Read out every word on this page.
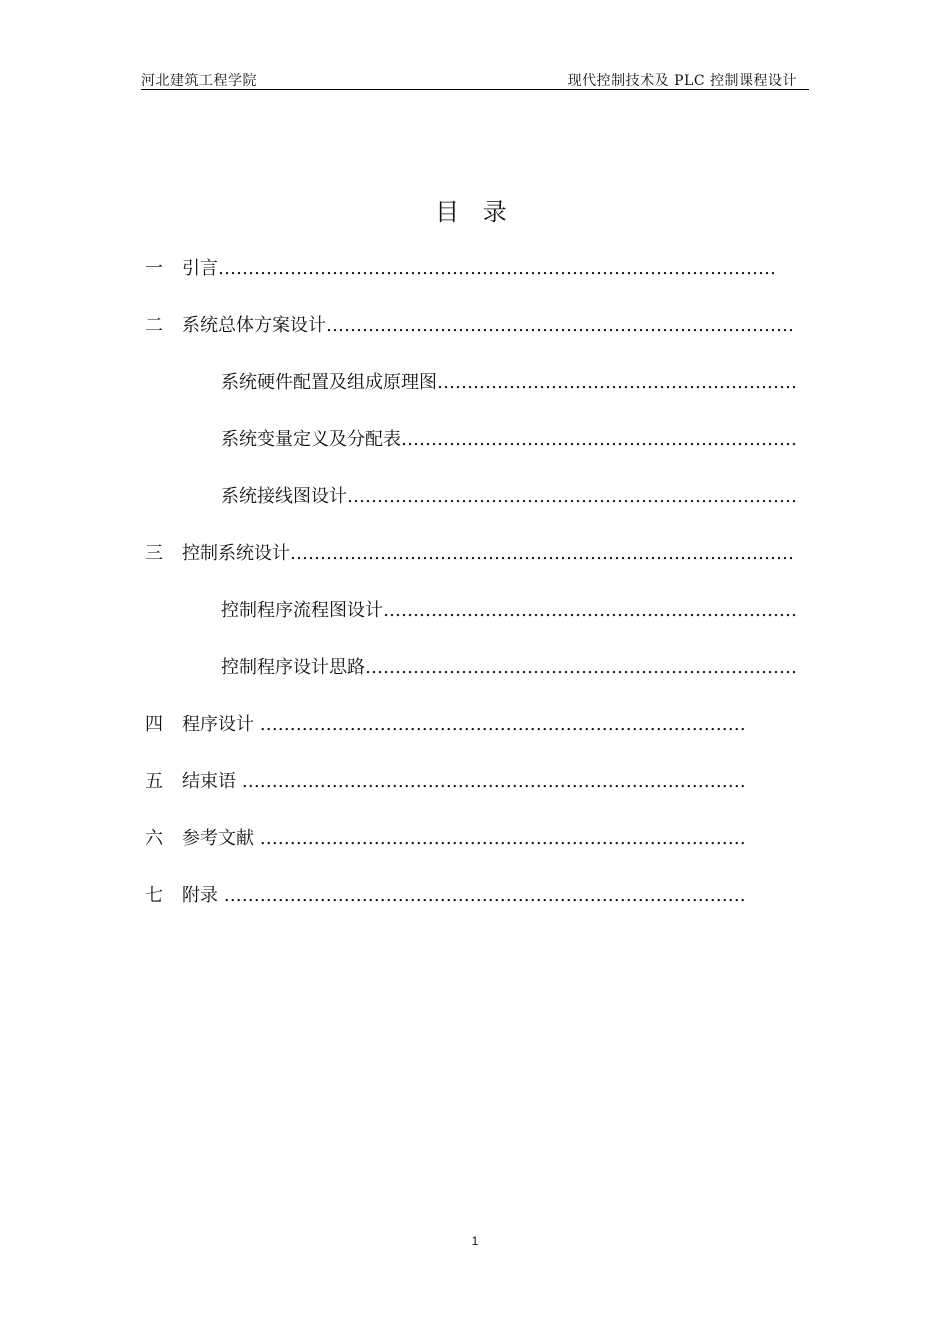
河北建筑工程学院	现代控制技术及 PLC 控制课程设计
目 录
一 引言…………………………………………………………………………………
二 系统总体方案设计……………………………………………………………………
系统硬件配置及组成原理图……………………………………………………
系统变量定义及分配表…………………………………………………………
系统接线图设计…………………………………………………………………
三 控制系统设计…………………………………………………………………………
控制程序流程图设计……………………………………………………………
控制程序设计思路………………………………………………………………
四 程序设计 ………………………………………………………………………
五 结束语 …………………………………………………………………………
六 参考文献 ………………………………………………………………………
七 附录 ……………………………………………………………………………
1
